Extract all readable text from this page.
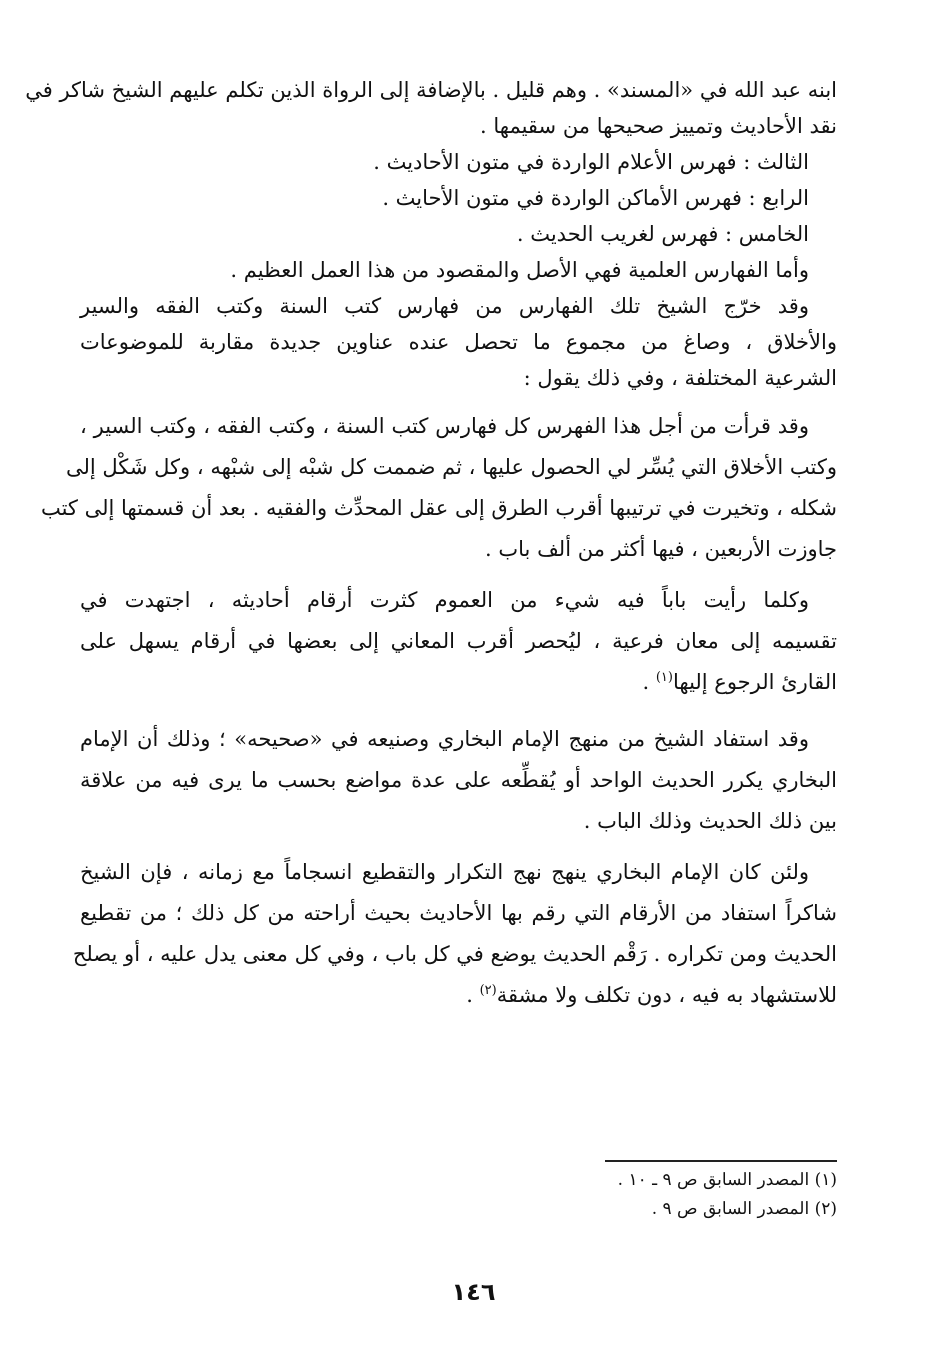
ابنه عبد الله في «المسند» . وهم قليل . بالإضافة إلى الرواة الذين تكلم عليهم الشيخ شاكر في
نقد الأحاديث وتمييز صحيحها من سقيمها .
الثالث : فهرس الأعلام الواردة في متون الأحاديث .
الرابع : فهرس الأماكن الواردة في متون الأحايث .
الخامس : فهرس لغريب الحديث .
وأما الفهارس العلمية فهي الأصل والمقصود من هذا العمل العظيم .
وقد خرّج الشيخ تلك الفهارس من فهارس كتب السنة وكتب الفقه والسير
والأخلاق ، وصاغ من مجموع ما تحصل عنده عناوين جديدة مقاربة للموضوعات
الشرعية المختلفة ، وفي ذلك يقول :
وقد قرأت من أجل هذا الفهرس كل فهارس كتب السنة ، وكتب الفقه ، وكتب السير ،
وكتب الأخلاق التي يُسِّر لي الحصول عليها ، ثم ضممت كل شبْه إلى شبْهه ، وكل شَكْل إلى
شكله ، وتخيرت في ترتيبها أقرب الطرق إلى عقل المحدِّث والفقيه . بعد أن قسمتها إلى كتب
جاوزت الأربعين ، فيها أكثر من ألف باب .
وكلما رأيت باباً فيه شيء من العموم كثرت أرقام أحاديثه ، اجتهدت في
تقسيمه إلى معان فرعية ، ليُحصر أقرب المعاني إلى بعضها في أرقام يسهل على
القارئ الرجوع إليها$^{(١)}$ .
وقد استفاد الشيخ من منهج الإمام البخاري وصنيعه في «صحيحه» ؛ وذلك أن الإمام
البخاري يكرر الحديث الواحد أو يُقطِّعه على عدة مواضع بحسب ما يرى فيه من علاقة
بين ذلك الحديث وذلك الباب .
ولئن كان الإمام البخاري ينهج نهج التكرار والتقطيع انسجاماً مع زمانه ، فإن الشيخ
شاكراً استفاد من الأرقام التي رقم بها الأحاديث بحيث أراحته من كل ذلك ؛ من تقطيع
الحديث ومن تكراره . رَقْم الحديث يوضع في كل باب ، وفي كل معنى يدل عليه ، أو يصلح
للاستشهاد به فيه ، دون تكلف ولا مشقة$^{(٢)}$ .
(١) المصدر السابق ص ٩ ـ ١٠ .
(٢) المصدر السابق ص ٩ .
١٤٦
